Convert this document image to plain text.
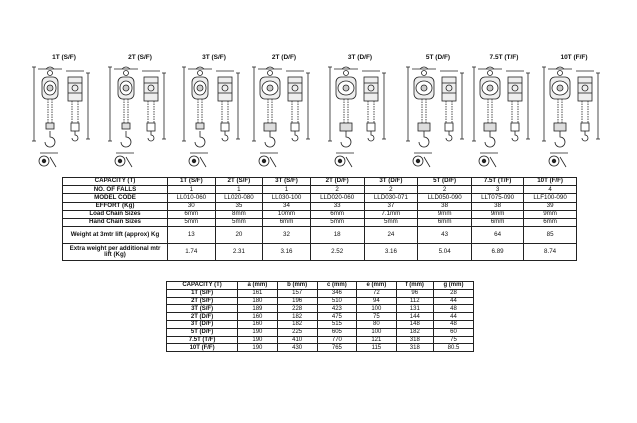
1T (S/F)	2T (S/F)	3T (S/F)	2T (D/F)	3T (D/F)	5T (D/F)	7.5T (T/F)	10T (F/F)
CAPACITY (T)	1T (S/F)	2T (S/F)	3T (S/F)	2T (D/F)	3T (D/F)	5T (D/F)	7.5T (T/F)	10T (F/F)
NO. OF FALLS	1	1	1	2	2	2	3	4
MODEL CODE	LL010-060	LL020-080	LL030-100	LLD020-060	LLD030-071	LLD050-090	LLT075-090	LLF100-090
EFFORT (Kg)	30	35	34	33	37	38	38	39
Load Chain Sizes	6mm	8mm	10mm	6mm	7.1mm	9mm	9mm	9mm
Hand Chain Sizes	5mm	5mm	6mm	5mm	5mm	6mm	6mm	6mm
Weight at 3mtr lift (approx) Kg	13	20	32	18	24	43	64	85
Extra weight per additional mtr lift (Kg)	1.74	2.31	3.16	2.52	3.16	5.04	6.89	8.74
CAPACITY (T)	a (mm)	b (mm)	c (mm)	e (mm)	f (mm)	g (mm)
1T (S/F)	161	157	346	72	96	28
2T (S/F)	180	196	510	94	112	44
3T (S/F)	189	228	423	100	131	48
2T (D/F)	160	182	475	75	144	44
3T (D/F)	160	182	515	80	148	48
5T (D/F)	190	225	605	100	182	60
7.5T (T/F)	190	410	770	121	318	75
10T (F/F)	190	430	765	115	318	80.5
